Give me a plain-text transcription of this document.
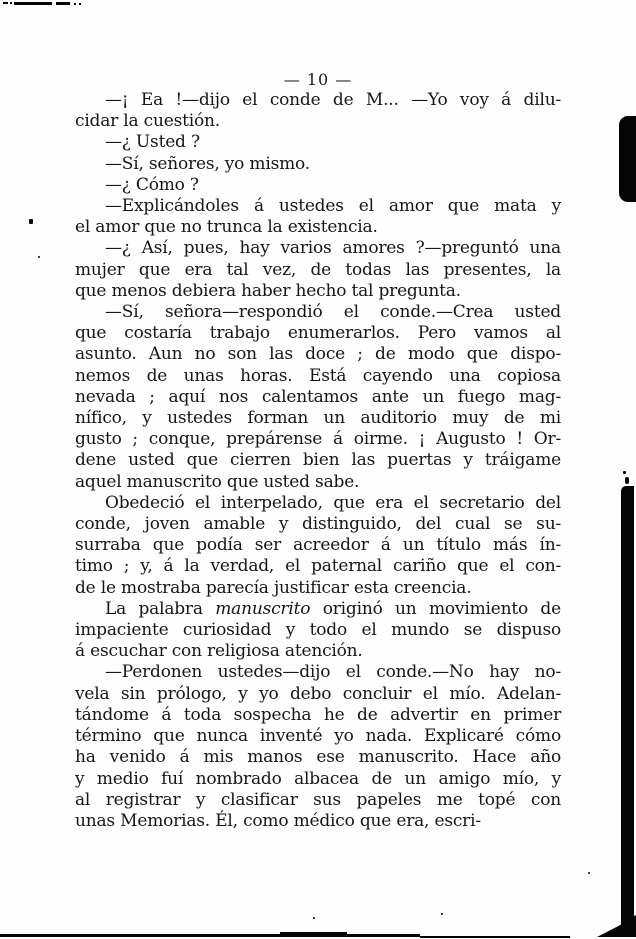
— 10 —
—¡ Ea !—dijo el conde de M... —Yo voy á dilu-
cidar la cuestión.
—¿ Usted ?
—Sí, señores, yo mismo.
—¿ Cómo ?
—Explicándoles á ustedes el amor que mata y
el amor que no trunca la existencia.
—¿ Así, pues, hay varios amores ?—preguntó una
mujer que era tal vez, de todas las presentes, la
que menos debiera haber hecho tal pregunta.
—Sí, señora—respondió el conde.—Crea usted
que costaría trabajo enumerarlos. Pero vamos al
asunto. Aun no son las doce ; de modo que dispo-
nemos de unas horas. Está cayendo una copiosa
nevada ; aquí nos calentamos ante un fuego mag-
nífico, y ustedes forman un auditorio muy de mi
gusto ; conque, prepárense á oirme. ¡ Augusto ! Or-
dene usted que cierren bien las puertas y tráigame
aquel manuscrito que usted sabe.
Obedeció el interpelado, que era el secretario del
conde, joven amable y distinguido, del cual se su-
surraba que podía ser acreedor á un título más ín-
timo ; y, á la verdad, el paternal cariño que el con-
de le mostraba parecía justificar esta creencia.
La palabra manuscrito originó un movimiento de
impaciente curiosidad y todo el mundo se dispuso
á escuchar con religiosa atención.
—Perdonen ustedes—dijo el conde.—No hay no-
vela sin prólogo, y yo debo concluir el mío. Adelan-
tándome á toda sospecha he de advertir en primer
término que nunca inventé yo nada. Explicaré cómo
ha venido á mis manos ese manuscrito. Hace año
y medio fuí nombrado albacea de un amigo mío, y
al registrar y clasificar sus papeles me topé con
unas Memorias. Él, como médico que era, escri-
